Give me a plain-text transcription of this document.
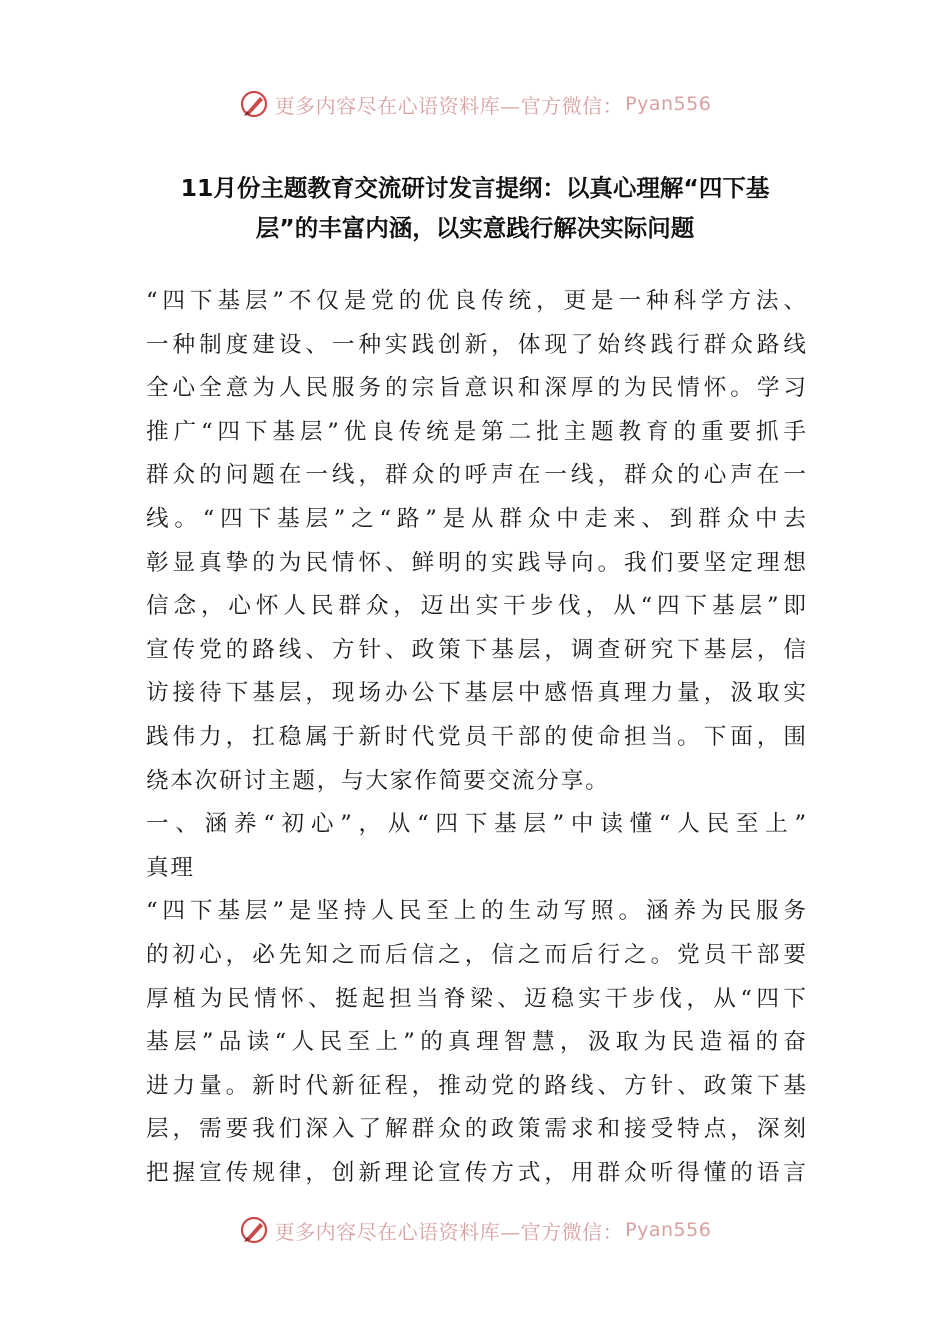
更多内容尽在心语资料库—官方微信： Pyan556
11月份主题教育交流研讨发言提纲：以真心理解“四下基
层”的丰富内涵，以实意践行解决实际问题
“四下基层”不仅是党的优良传统，更是一种科学方法、
一种制度建设、一种实践创新，体现了始终践行群众路线
全心全意为人民服务的宗旨意识和深厚的为民情怀。学习
推广“四下基层”优良传统是第二批主题教育的重要抓手
群众的问题在一线，群众的呼声在一线，群众的心声在一
线。“四下基层”之“路”是从群众中走来、到群众中去
彰显真挚的为民情怀、鲜明的实践导向。我们要坚定理想
信念，心怀人民群众，迈出实干步伐，从“四下基层”即
宣传党的路线、方针、政策下基层，调查研究下基层，信
访接待下基层，现场办公下基层中感悟真理力量，汲取实
践伟力，扛稳属于新时代党员干部的使命担当。下面，围
绕本次研讨主题，与大家作简要交流分享。
一、涵养“初心”，从“四下基层”中读懂“人民至上”
真理
“四下基层”是坚持人民至上的生动写照。涵养为民服务
的初心，必先知之而后信之，信之而后行之。党员干部要
厚植为民情怀、挺起担当脊梁、迈稳实干步伐，从“四下
基层”品读“人民至上”的真理智慧，汲取为民造福的奋
进力量。新时代新征程，推动党的路线、方针、政策下基
层，需要我们深入了解群众的政策需求和接受特点，深刻
把握宣传规律，创新理论宣传方式，用群众听得懂的语言
更多内容尽在心语资料库—官方微信： Pyan556
